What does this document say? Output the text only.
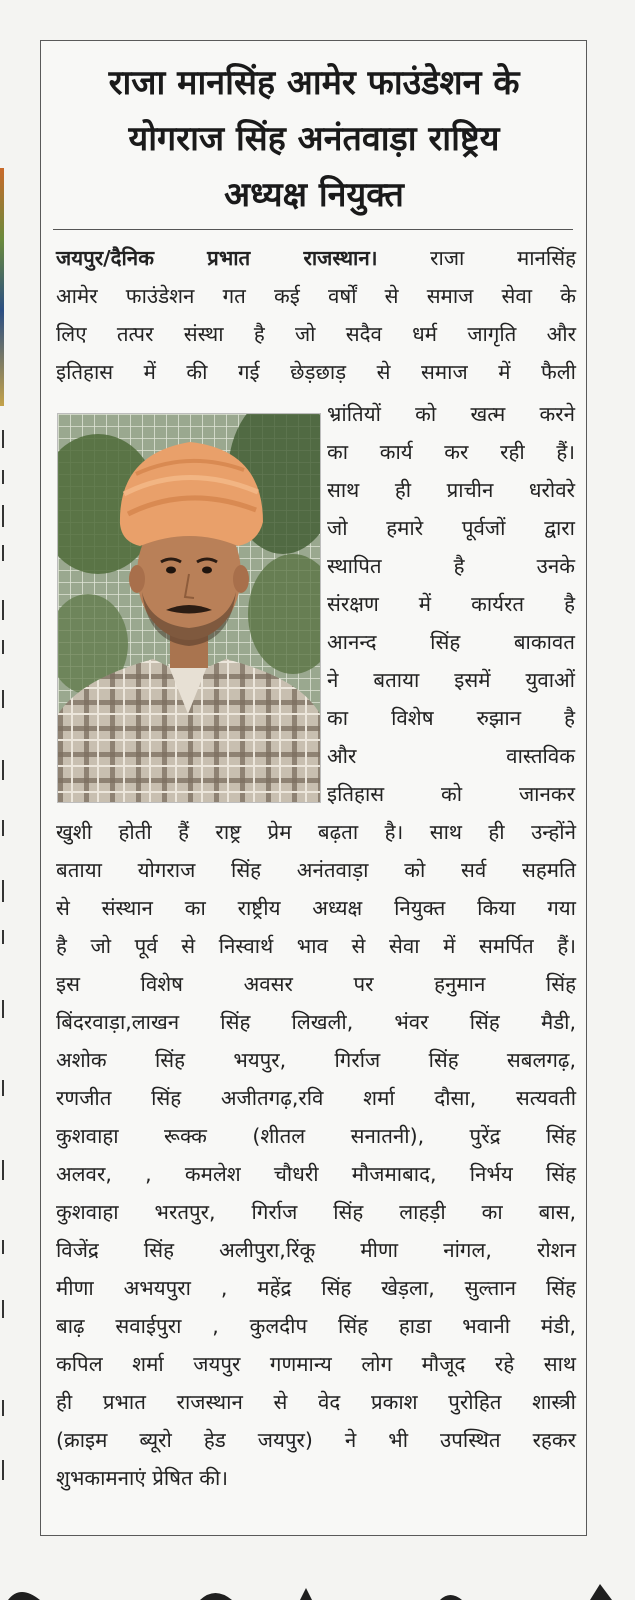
राजा मानसिंह आमेर फाउंडेशन के
योगराज सिंह अनंतवाड़ा राष्ट्रिय
अध्यक्ष नियुक्त
जयपुर/दैनिक प्रभात राजस्थान।	राजा मानसिंह
आमेर फाउंडेशन गत कई वर्षों से समाज सेवा के
लिए तत्पर संस्था है जो सदैव धर्म जागृति और
इतिहास में की गई छेड़छाड़ से समाज में फैली
भ्रांतियों को खत्म करने
का कार्य कर रही हैं।
साथ ही प्राचीन धरोवरे
जो हमारे पूर्वजों द्वारा
स्थापित है उनके
संरक्षण में कार्यरत है
आनन्द सिंह बाकावत
ने बताया इसमें युवाओं
का विशेष रुझान है
और वास्तविक
इतिहास को जानकर
खुशी होती हैं राष्ट्र प्रेम बढ़ता है। साथ ही उन्होंने
बताया योगराज सिंह अनंतवाड़ा को सर्व सहमति
से संस्थान का राष्ट्रीय अध्यक्ष नियुक्त किया गया
है जो पूर्व से निस्वार्थ भाव से सेवा में समर्पित हैं।
इस विशेष अवसर पर हनुमान सिंह
बिंदरवाड़ा,लाखन सिंह लिखली, भंवर सिंह मैडी,
अशोक सिंह भयपुर, गिर्राज सिंह सबलगढ़,
रणजीत सिंह अजीतगढ़,रवि शर्मा दौसा, सत्यवती
कुशवाहा रूक्क (शीतल सनातनी), पुरेंद्र सिंह
अलवर, , कमलेश चौधरी मौजमाबाद, निर्भय सिंह
कुशवाहा भरतपुर, गिर्राज सिंह लाहड़ी का बास,
विजेंद्र सिंह अलीपुरा,रिंकू मीणा नांगल, रोशन
मीणा अभयपुरा , महेंद्र सिंह खेड़ला, सुल्तान सिंह
बाढ़ सवाईपुरा , कुलदीप सिंह हाडा भवानी मंडी,
कपिल शर्मा जयपुर गणमान्य लोग मौजूद रहे साथ
ही प्रभात राजस्थान से वेद प्रकाश पुरोहित शास्त्री
(क्राइम ब्यूरो हेड जयपुर) ने भी उपस्थित रहकर
शुभकामनाएं प्रेषित की।
